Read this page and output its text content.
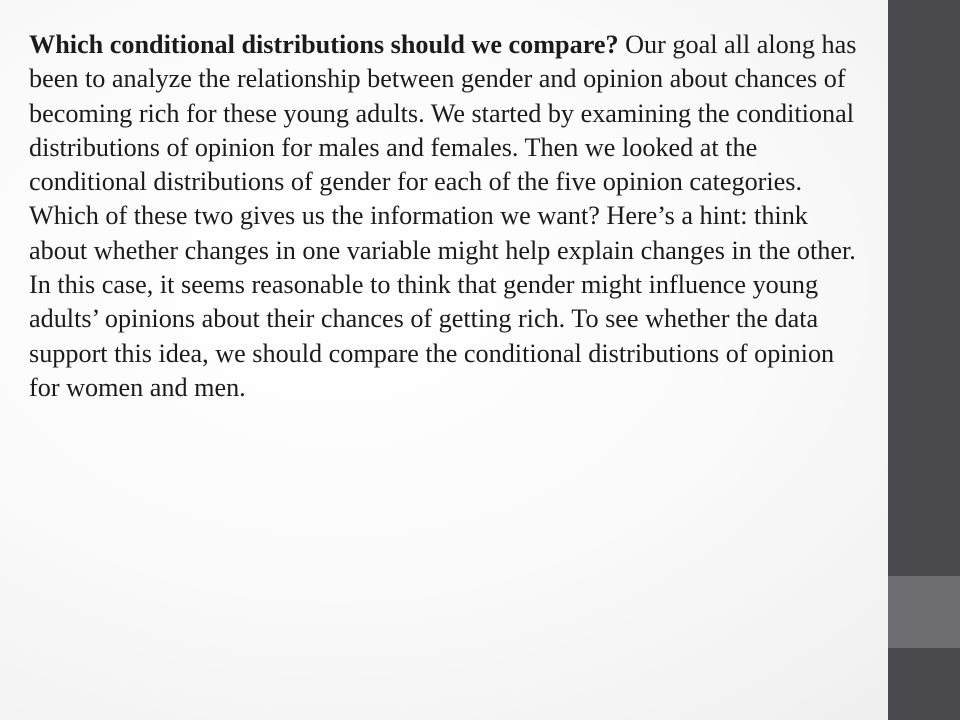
Which conditional distributions should we compare? Our goal all along has been to analyze the relationship between gender and opinion about chances of becoming rich for these young adults. We started by examining the conditional distributions of opinion for males and females. Then we looked at the conditional distributions of gender for each of the five opinion categories. Which of these two gives us the information we want? Here’s a hint: think about whether changes in one variable might help explain changes in the other. In this case, it seems reasonable to think that gender might influence young adults’ opinions about their chances of getting rich. To see whether the data support this idea, we should compare the conditional distributions of opinion for women and men.
